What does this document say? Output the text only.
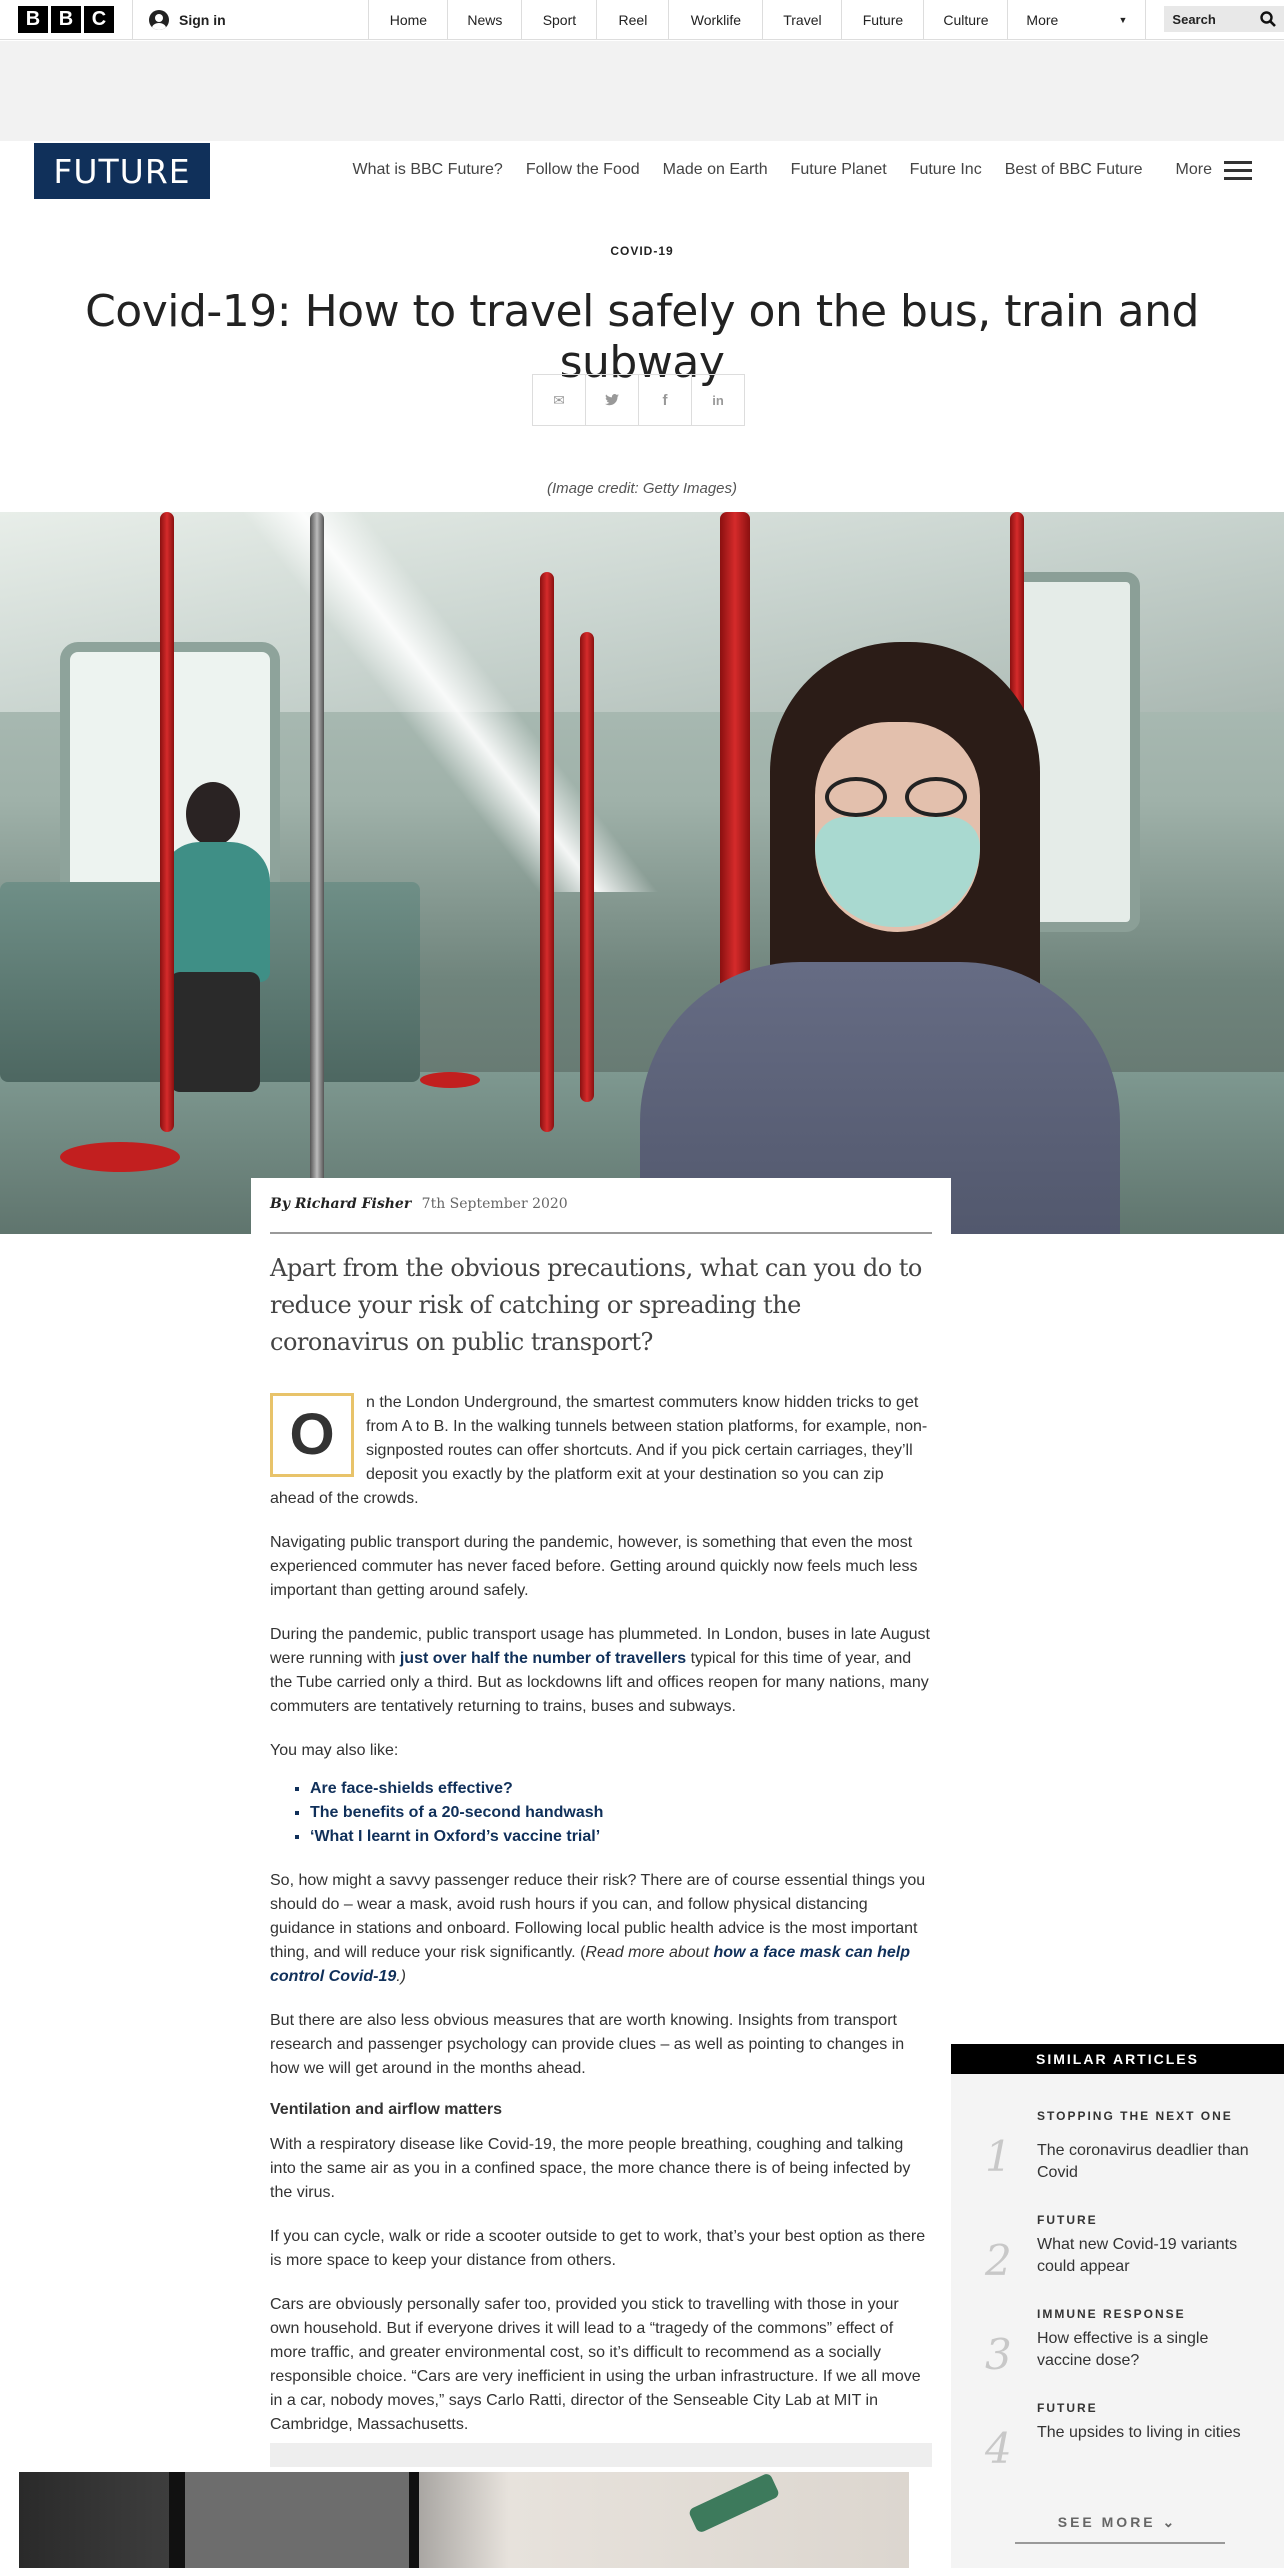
B B C	Sign in	Home	News	Sport	Reel	Worklife	Travel	Future	Culture	More	▼	Search
FUTURE	What is BBC Future? Follow the Food Made on Earth Future Planet Future Inc Best of BBC Future More
COVID-19
Covid-19: How to travel safely on the bus, train and subway
✉	f	in
(Image credit: Getty Images)
By Richard Fisher 7th September 2020

Apart from the obvious precautions, what can you do to reduce your risk of catching or spreading the coronavirus on public transport?

O	n the London Underground, the smartest commuters know hidden tricks to get from A to B. In the walking tunnels between station platforms, for example, non-signposted routes can offer shortcuts. And if you pick certain carriages, they’ll deposit you exactly by the platform exit at your destination so you can zip ahead of the crowds.

Navigating public transport during the pandemic, however, is something that even the most experienced commuter has never faced before. Getting around quickly now feels much less important than getting around safely.

During the pandemic, public transport usage has plummeted. In London, buses in late August were running with just over half the number of travellers typical for this time of year, and the Tube carried only a third. But as lockdowns lift and offices reopen for many nations, many commuters are tentatively returning to trains, buses and subways.

You may also like:

▪ Are face-shields effective?
▪ The benefits of a 20-second handwash
▪ ‘What I learnt in Oxford’s vaccine trial’

So, how might a savvy passenger reduce their risk? There are of course essential things you should do – wear a mask, avoid rush hours if you can, and follow physical distancing guidance in stations and onboard. Following local public health advice is the most important thing, and will reduce your risk significantly. (Read more about how a face mask can help control Covid-19.)

But there are also less obvious measures that are worth knowing. Insights from transport research and passenger psychology can provide clues – as well as pointing to changes in how we will get around in the months ahead.

Ventilation and airflow matters

With a respiratory disease like Covid-19, the more people breathing, coughing and talking into the same air as you in a confined space, the more chance there is of being infected by the virus.

If you can cycle, walk or ride a scooter outside to get to work, that’s your best option as there is more space to keep your distance from others.

Cars are obviously personally safer too, provided you stick to travelling with those in your own household. But if everyone drives it will lead to a “tragedy of the commons” effect of more traffic, and greater environmental cost, so it’s difficult to recommend as a socially responsible choice. “Cars are very inefficient in using the urban infrastructure. If we all move in a car, nobody moves,” says Carlo Ratti, director of the Senseable City Lab at MIT in Cambridge, Massachusetts.

SIMILAR ARTICLES
1
STOPPING THE NEXT ONE
The coronavirus deadlier than Covid
2
FUTURE
What new Covid-19 variants could appear
3
IMMUNE RESPONSE
How effective is a single vaccine dose?
4
FUTURE
The upsides to living in cities
SEE MORE ⌄
